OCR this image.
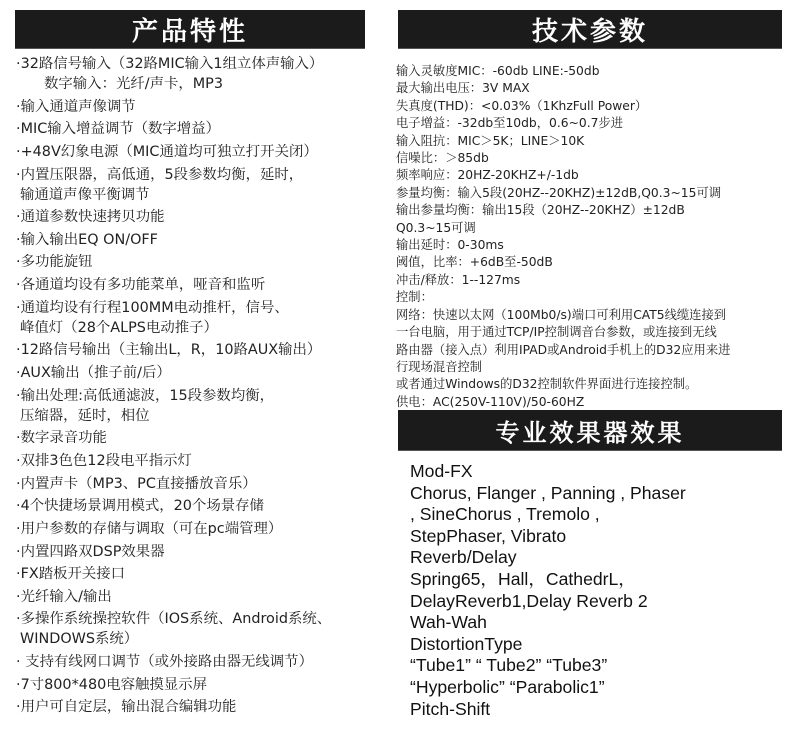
产品特性	技术参数
专业效果器效果
·32路信号输入（32路MIC输入1组立体声输入）
数字输入：光纤/声卡，MP3
·输入通道声像调节
·MIC输入增益调节（数字增益）
·+48V幻象电源（MIC通道均可独立打开关闭）
·内置压限器，高低通，5段参数均衡，延时，
输通道声像平衡调节
·通道参数快速拷贝功能
·输入输出EQ ON/OFF
·多功能旋钮
·各通道均设有多功能菜单，哑音和监听
·通道均设有行程100MM电动推杆，信号、
峰值灯（28个ALPS电动推子）
·12路信号输出（主输出L，R，10路AUX输出）
·AUX输出（推子前/后）
·输出处理:高低通滤波，15段参数均衡，
压缩器，延时，相位
·数字录音功能
·双排3色色12段电平指示灯
·内置声卡（MP3、PC直接播放音乐）
·4个快捷场景调用模式，20个场景存储
·用户参数的存储与调取（可在pc端管理）
·内置四路双DSP效果器
·FX踏板开关接口
·光纤输入/输出
·多操作系统操控软件（IOS系统、Android系统、
WINDOWS系统）
· 支持有线网口调节（或外接路由器无线调节）
·7寸800*480电容触摸显示屏
·用户可自定层，输出混合编辑功能
输入灵敏度MIC：-60db LINE:-50db
最大输出电压：3V MAX
失真度(THD)：<0.03%（1KhzFull Power）
电子增益：-32db至10db，0.6~0.7步进
输入阻抗：MIC＞5K；LINE＞10K
信噪比：＞85db
频率响应：20HZ-20KHZ+/-1db
参量均衡：输入5段(20HZ--20KHZ)±12dB,Q0.3~15可调
输出参量均衡：输出15段（20HZ--20KHZ）±12dB
Q0.3~15可调
输出延时：0-30ms
阈值，比率：+6dB至-50dB
冲击/释放：1--127ms
控制：
网络：快速以太网（100Mb0/s)端口可利用CAT5线缆连接到
一台电脑，用于通过TCP/IP控制调音台参数，或连接到无线
路由器（接入点）利用IPAD或Android手机上的D32应用来进
行现场混音控制
或者通过Windows的D32控制软件界面进行连接控制。
供电：AC(250V-110V)/50-60HZ
Mod-FX
Chorus, Flanger , Panning , Phaser
, SineChorus , Tremolo ,
StepPhaser, Vibrato
Reverb/Delay
Spring65，Hall，CathedrL，
DelayReverb1,Delay Reverb 2
Wah-Wah
DistortionType
“Tube1” “ Tube2” “Tube3”
“Hyperbolic” “Parabolic1”
Pitch-Shift
